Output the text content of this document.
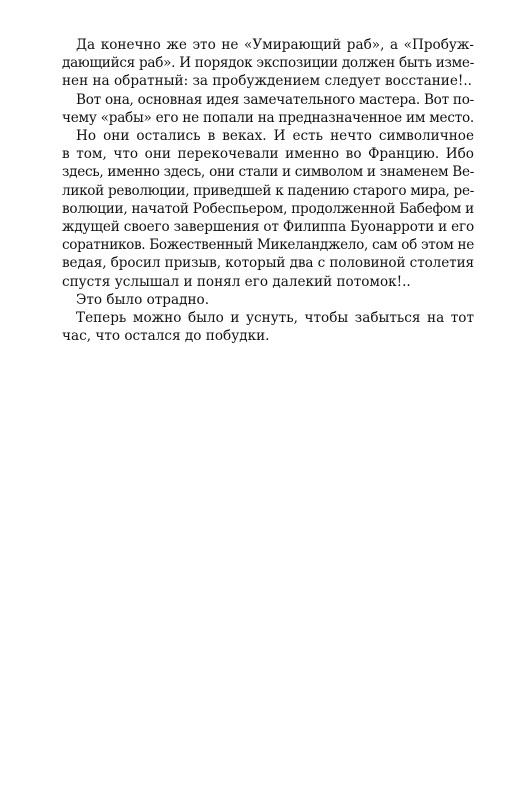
Да конечно же это не «Умирающий раб», а «Пробуж-
дающийся раб». И порядок экспозиции должен быть изме-
нен на обратный: за пробуждением следует восстание!..
Вот она, основная идея замечательного мастера. Вот по-
чему «рабы» его не попали на предназначенное им место.
Но они остались в веках. И есть нечто символичное
в том, что они перекочевали именно во Францию. Ибо
здесь, именно здесь, они стали и символом и знаменем Ве-
ликой революции, приведшей к падению старого мира, ре-
волюции, начатой Робеспьером, продолженной Бабефом и
ждущей своего завершения от Филиппа Буонарроти и его
соратников. Божественный Микеланджело, сам об этом не
ведая, бросил призыв, который два с половиной столетия
спустя услышал и понял его далекий потомок!..
Это было отрадно.
Теперь можно было и уснуть, чтобы забыться на тот
час, что остался до побудки.
